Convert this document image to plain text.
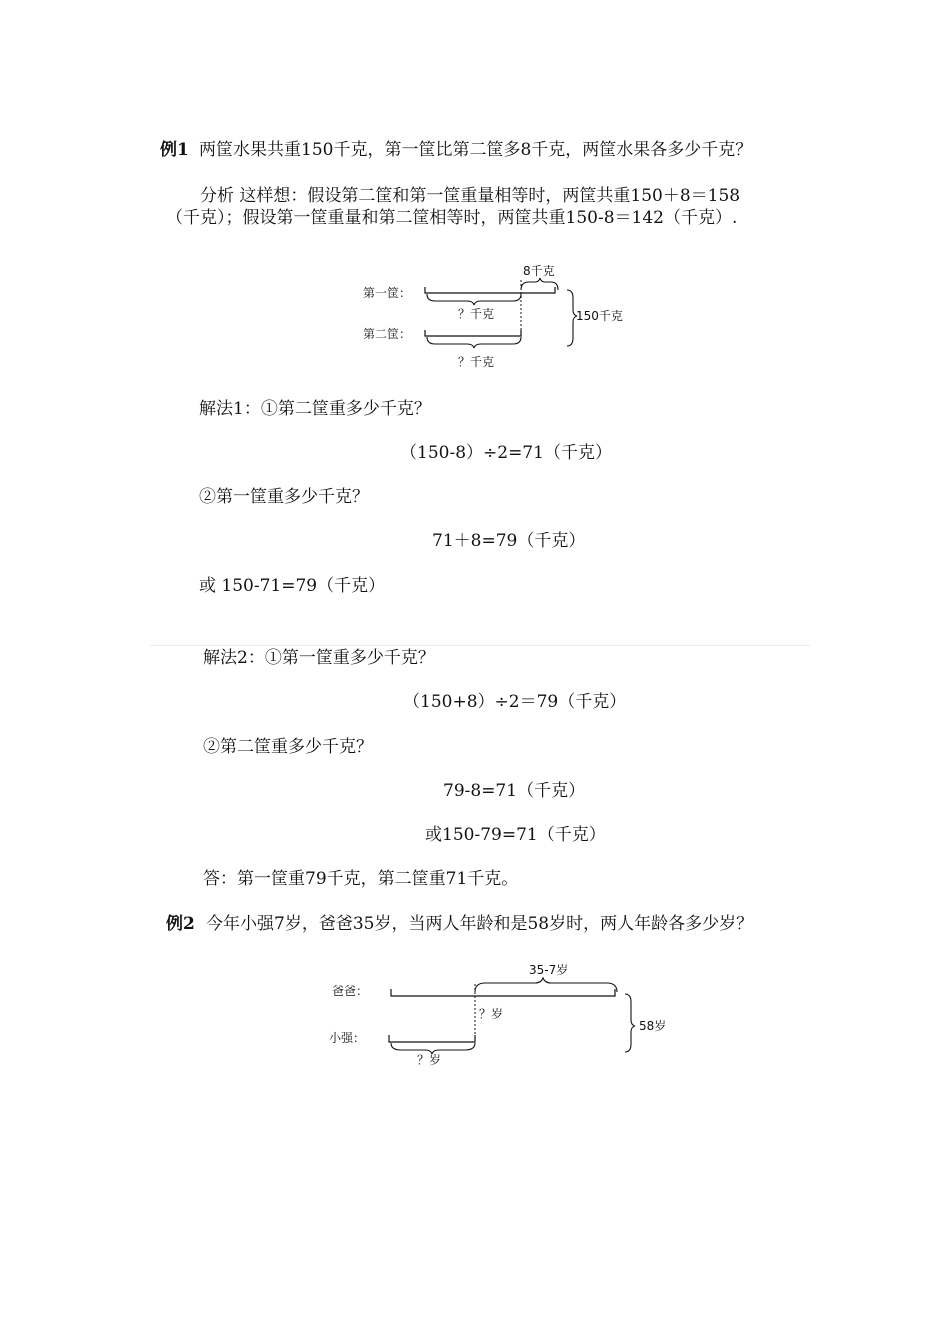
例1 两筐水果共重150千克，第一筐比第二筐多8千克，两筐水果各多少千克？
分析 这样想：假设第二筐和第一筐重量相等时，两筐共重150＋8＝158
（千克）；假设第一筐重量和第二筐相等时，两筐共重150-8＝142（千克）.
第一筐：
第二筐：
8千克
？千克
？千克
150千克
解法1：①第二筐重多少千克？
（150-8）÷2=71（千克）
②第一筐重多少千克？
71＋8=79（千克）
或 150-71=79（千克）
解法2：①第一筐重多少千克？
（150+8）÷2＝79（千克）
②第二筐重多少千克？
79-8=71（千克）
或150-79=71（千克）
答：第一筐重79千克，第二筐重71千克。
例2 今年小强7岁，爸爸35岁，当两人年龄和是58岁时，两人年龄各多少岁？
爸爸：
小强：
35-7岁
？岁
？岁
58岁
